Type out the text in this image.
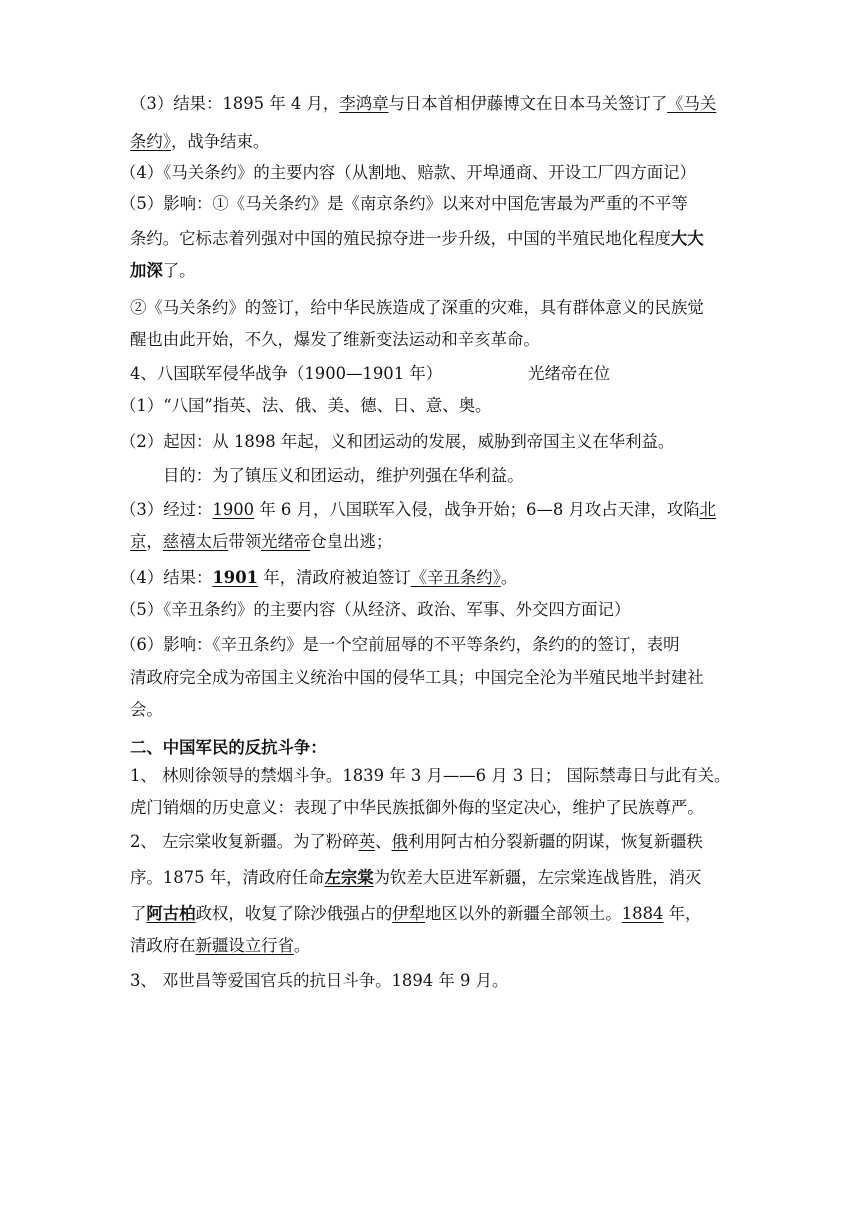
（3）结果：1895 年 4 月，李鸿章与日本首相伊藤博文在日本马关签订了《马关
条约》，战争结束。
（4）《马关条约》的主要内容（从割地、赔款、开埠通商、开设工厂四方面记）
（5）影响：①《马关条约》是《南京条约》以来对中国危害最为严重的不平等
条约。它标志着列强对中国的殖民掠夺进一步升级，中国的半殖民地化程度大大
加深了。
②《马关条约》的签订，给中华民族造成了深重的灾难，具有群体意义的民族觉
醒也由此开始，不久，爆发了维新变法运动和辛亥革命。
4、八国联军侵华战争（1900—1901 年）	光绪帝在位
（1）“八国”指英、法、俄、美、德、日、意、奥。
（2）起因：从 1898 年起，义和团运动的发展，威胁到帝国主义在华利益。
目的：为了镇压义和团运动，维护列强在华利益。
（3）经过：1900 年 6 月，八国联军入侵，战争开始；6—8 月攻占天津，攻陷北
京，慈禧太后带领光绪帝仓皇出逃；
（4）结果：1901 年，清政府被迫签订《辛丑条约》。
（5）《辛丑条约》的主要内容（从经济、政治、军事、外交四方面记）
（6）影响：《辛丑条约》是一个空前屈辱的不平等条约，条约的的签订，表明
清政府完全成为帝国主义统治中国的侵华工具；中国完全沦为半殖民地半封建社
会。
二、中国军民的反抗斗争：
1、 林则徐领导的禁烟斗争。1839 年 3 月——6 月 3 日； 国际禁毒日与此有关。
虎门销烟的历史意义：表现了中华民族抵御外侮的坚定决心，维护了民族尊严。
2、 左宗棠收复新疆。为了粉碎英、俄利用阿古柏分裂新疆的阴谋，恢复新疆秩
序。1875 年，清政府任命左宗棠为钦差大臣进军新疆，左宗棠连战皆胜，消灭
了阿古柏政权，收复了除沙俄强占的伊犁地区以外的新疆全部领土。1884 年，
清政府在新疆设立行省。
3、 邓世昌等爱国官兵的抗日斗争。1894 年 9 月。
